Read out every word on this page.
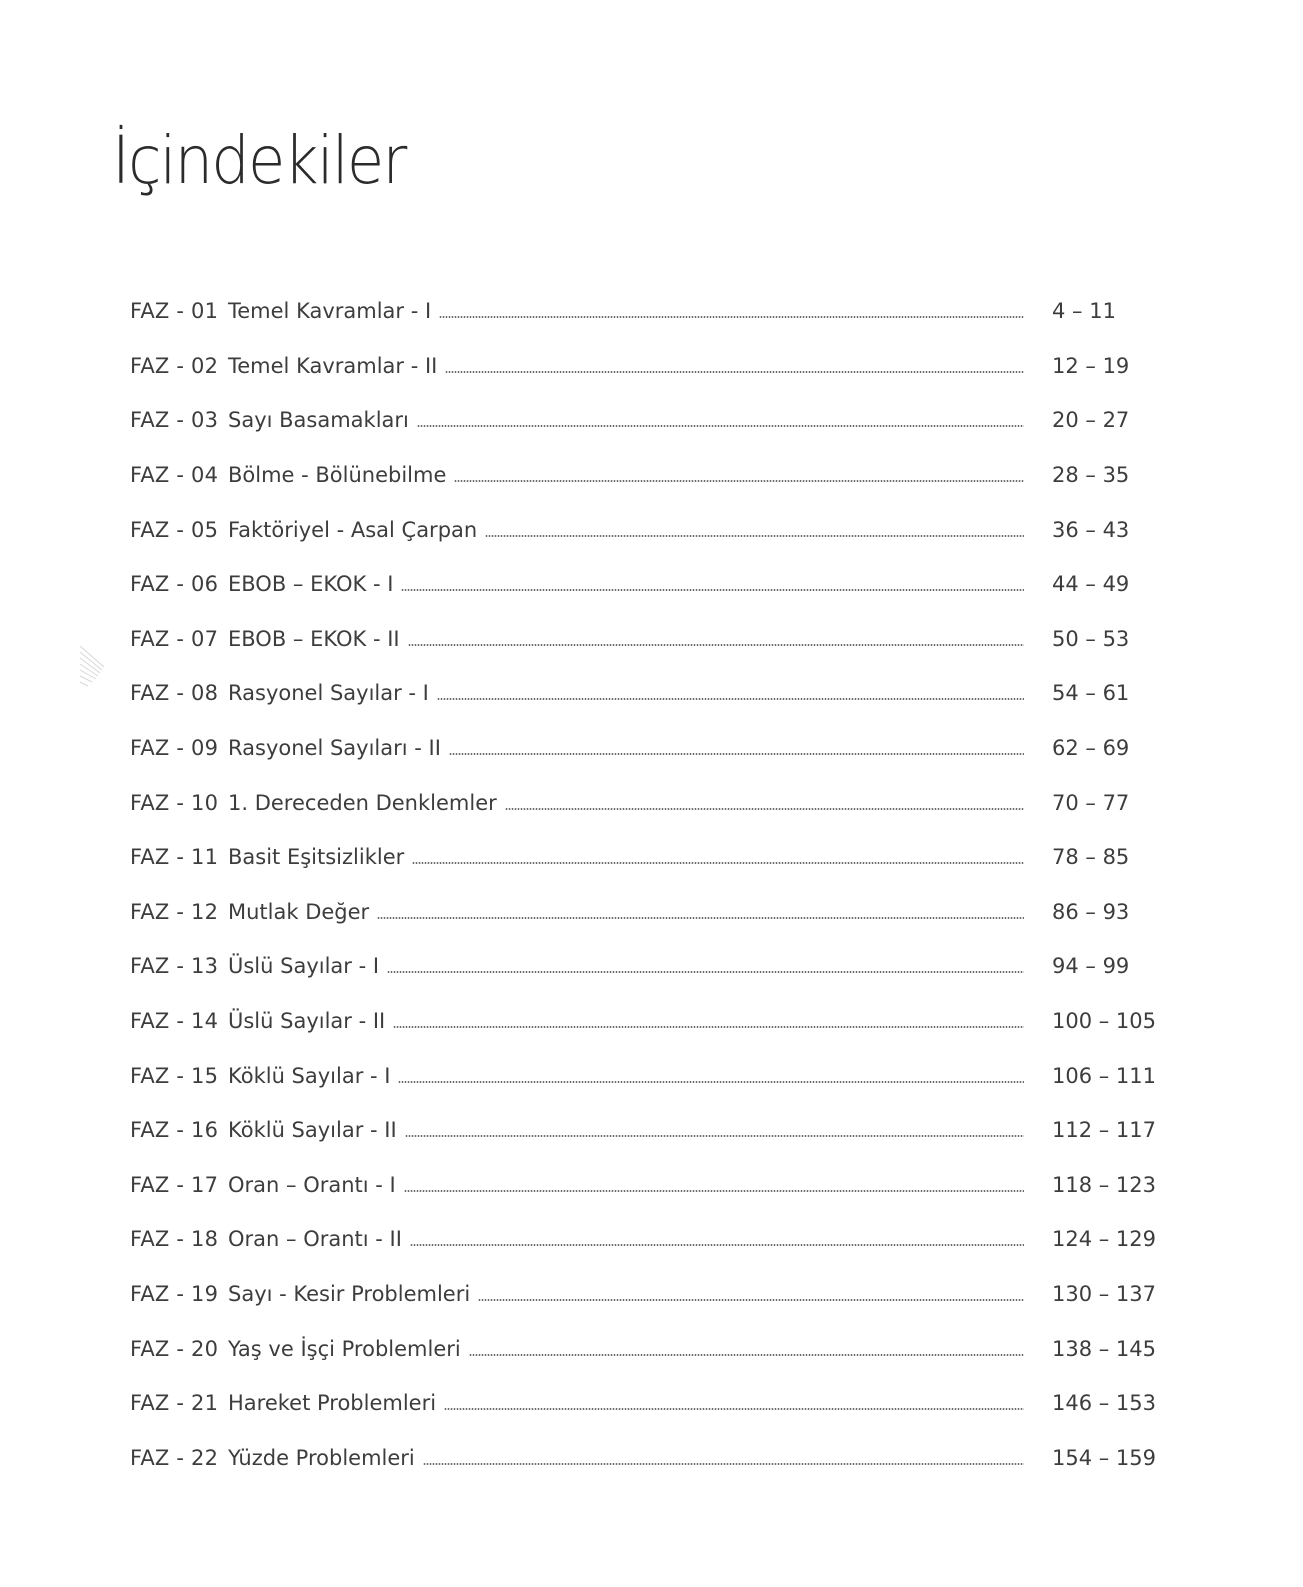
İçindekiler
FAZ - 01 Temel Kavramlar - I	4 – 11
FAZ - 02 Temel Kavramlar - II	12 – 19
FAZ - 03 Sayı Basamakları	20 – 27
FAZ - 04 Bölme - Bölünebilme	28 – 35
FAZ - 05 Faktöriyel - Asal Çarpan	36 – 43
FAZ - 06 EBOB – EKOK - I	44 – 49
FAZ - 07 EBOB – EKOK - II	50 – 53
FAZ - 08 Rasyonel Sayılar - I	54 – 61
FAZ - 09 Rasyonel Sayıları - II	62 – 69
FAZ - 10 1. Dereceden Denklemler	70 – 77
FAZ - 11 Basit Eşitsizlikler	78 – 85
FAZ - 12 Mutlak Değer	86 – 93
FAZ - 13 Üslü Sayılar - I	94 – 99
FAZ - 14 Üslü Sayılar - II	100 – 105
FAZ - 15 Köklü Sayılar - I	106 – 111
FAZ - 16 Köklü Sayılar - II	112 – 117
FAZ - 17 Oran – Orantı - I	118 – 123
FAZ - 18 Oran – Orantı - II	124 – 129
FAZ - 19 Sayı - Kesir Problemleri	130 – 137
FAZ - 20 Yaş ve İşçi Problemleri	138 – 145
FAZ - 21 Hareket Problemleri	146 – 153
FAZ - 22 Yüzde Problemleri	154 – 159
